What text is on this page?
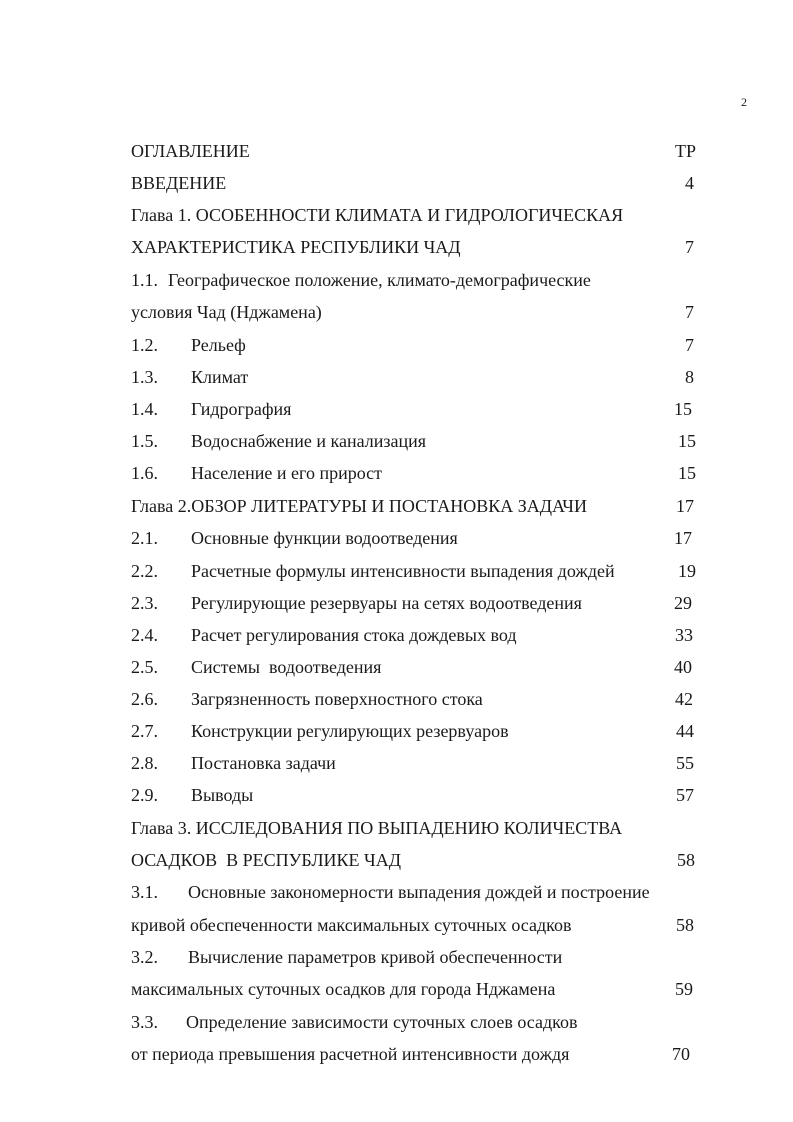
2
ОГЛАВЛЕНИЕ	ТР
ВВЕДЕНИЕ	4
Глава 1. ОСОБЕННОСТИ КЛИМАТА И ГИДРОЛОГИЧЕСКАЯ
ХАРАКТЕРИСТИКА РЕСПУБЛИКИ ЧАД	7
1.1. Географическое положение, климато-демографические
условия Чад (Нджамена)	7
1.2. Рельеф	7
1.3. Климат	8
1.4. Гидрография	15
1.5. Водоснабжение и канализация	15
1.6. Население и его прирост	15
Глава 2.ОБЗОР ЛИТЕРАТУРЫ И ПОСТАНОВКА ЗАДАЧИ	17
2.1. Основные функции водоотведения	17
2.2. Расчетные формулы интенсивности выпадения дождей	19
2.3. Регулирующие резервуары на сетях водоотведения	29
2.4. Расчет регулирования стока дождевых вод	33
2.5. Системы  водоотведения	40
2.6. Загрязненность поверхностного стока	42
2.7. Конструкции регулирующих резервуаров	44
2.8. Постановка задачи	55
2.9. Выводы	57
Глава 3. ИССЛЕДОВАНИЯ ПО ВЫПАДЕНИЮ КОЛИЧЕСТВА
ОСАДКОВ  В РЕСПУБЛИКЕ ЧАД	58
3.1. Основные закономерности выпадения дождей и построение
кривой обеспеченности максимальных суточных осадков	58
3.2. Вычисление параметров кривой обеспеченности
максимальных суточных осадков для города Нджамена	59
3.3. Определение зависимости суточных слоев осадков
от периода превышения расчетной интенсивности дождя	70
